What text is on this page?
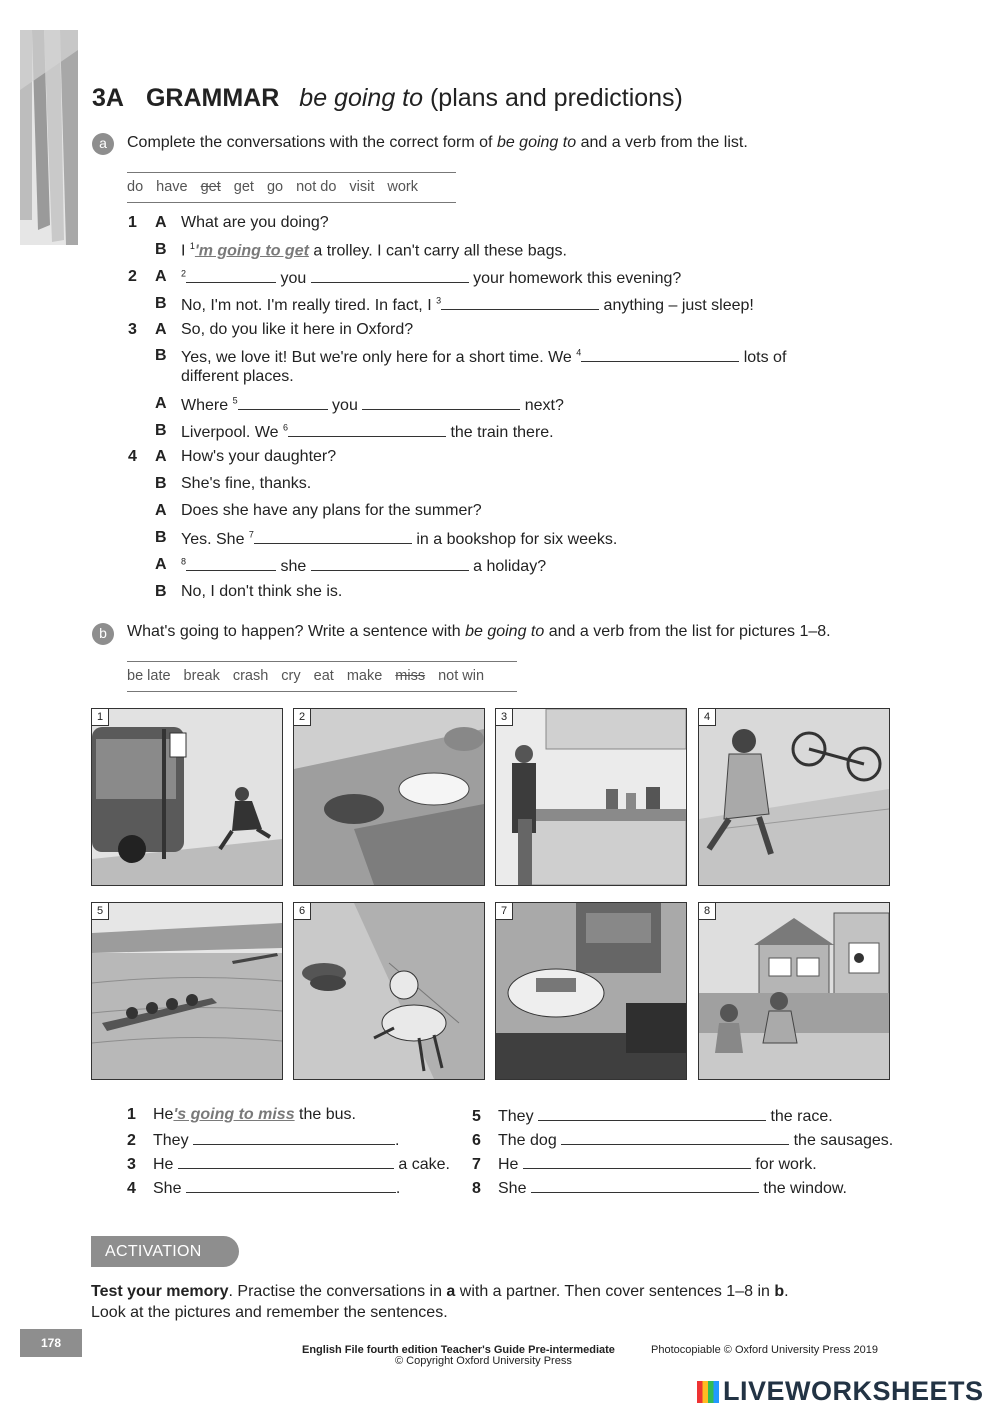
3A GRAMMAR be going to (plans and predictions)
a	Complete the conversations with the correct form of be going to and a verb from the list.
do have get get go not do visit work
1 A What are you doing?
B I $^1$'m going to get a trolley. I can't carry all these bags.
2 A $^2$	you	your homework this evening?
B No, I'm not. I'm really tired. In fact, I $^3$	anything – just sleep!
3 A So, do you like it here in Oxford?
B Yes, we love it! But we're only here for a short time. We $^4$	lots of
different places.
A Where $^5$	you	next?
B Liverpool. We $^6$	the train there.
4 A How's your daughter?
B She's fine, thanks.
A Does she have any plans for the summer?
B Yes. She $^7$	in a bookshop for six weeks.
A $^8$	she	a holiday?
B No, I don't think she is.
b	What's going to happen? Write a sentence with be going to and a verb from the list for pictures 1–8.
be late break crash cry eat make miss not win
1	2	3	4
5	6	7	8
1 He's going to miss the bus.
2 They	.
3 He	a cake.
4 She	.
5 They	the race.
6 The dog	the sausages.
7 He	for work.
8 She	the window.
ACTIVATION
Test your memory. Practise the conversations in a with a partner. Then cover sentences 1–8 in b.
Look at the pictures and remember the sentences.
178	English File fourth edition Teacher's Guide Pre-intermediate	Photocopiable © Oxford University Press 2019
© Copyright Oxford University Press
LIVEWORKSHEETS
